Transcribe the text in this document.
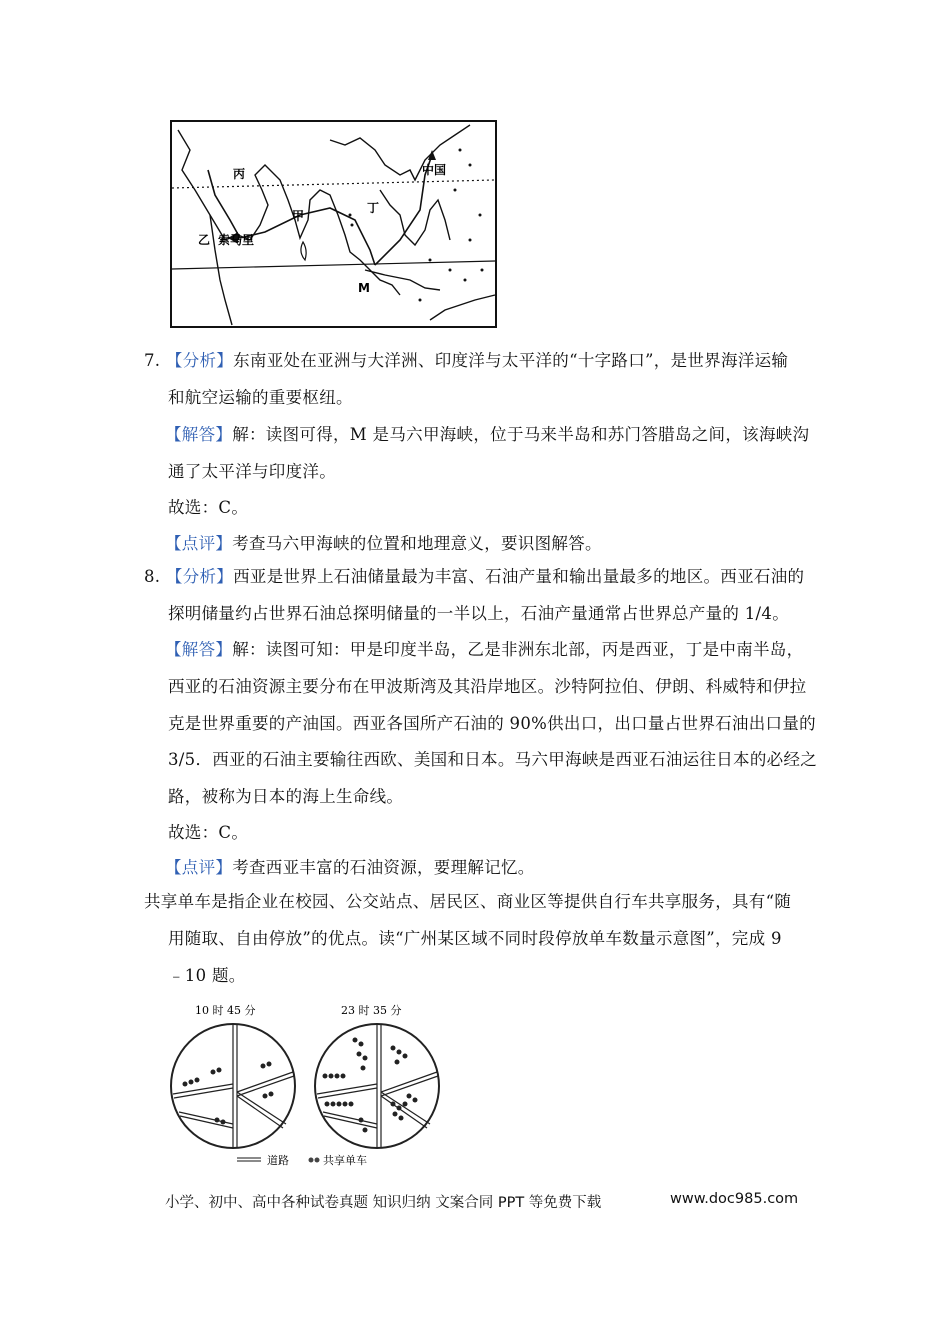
丙	中国
丁
甲
乙 索马里
M
7. 【分析】东南亚处在亚洲与大洋洲、印度洋与太平洋的“十字路口”，是世界海洋运输
和航空运输的重要枢纽。
【解答】解：读图可得，M 是马六甲海峡，位于马来半岛和苏门答腊岛之间，该海峡沟
通了太平洋与印度洋。
故选：C。
【点评】考查马六甲海峡的位置和地理意义，要识图解答。
8. 【分析】西亚是世界上石油储量最为丰富、石油产量和输出量最多的地区。西亚石油的
探明储量约占世界石油总探明储量的一半以上，石油产量通常占世界总产量的 1/4。
【解答】解：读图可知：甲是印度半岛，乙是非洲东北部，丙是西亚，丁是中南半岛，
西亚的石油资源主要分布在甲波斯湾及其沿岸地区。沙特阿拉伯、伊朗、科威特和伊拉
克是世界重要的产油国。西亚各国所产石油的 90%供出口，出口量占世界石油出口量的
3/5．西亚的石油主要输往西欧、美国和日本。马六甲海峡是西亚石油运往日本的必经之
路，被称为日本的海上生命线。
故选：C。
【点评】考查西亚丰富的石油资源，要理解记忆。
共享单车是指企业在校园、公交站点、居民区、商业区等提供自行车共享服务，具有“随
用随取、自由停放”的优点。读“广州某区域不同时段停放单车数量示意图”，完成 9
﹣10 题。
10 时 45 分	23 时 35 分
道路	共享单车
小学、初中、高中各种试卷真题 知识归纳 文案合同 PPT 等免费下载	www.doc985.com
